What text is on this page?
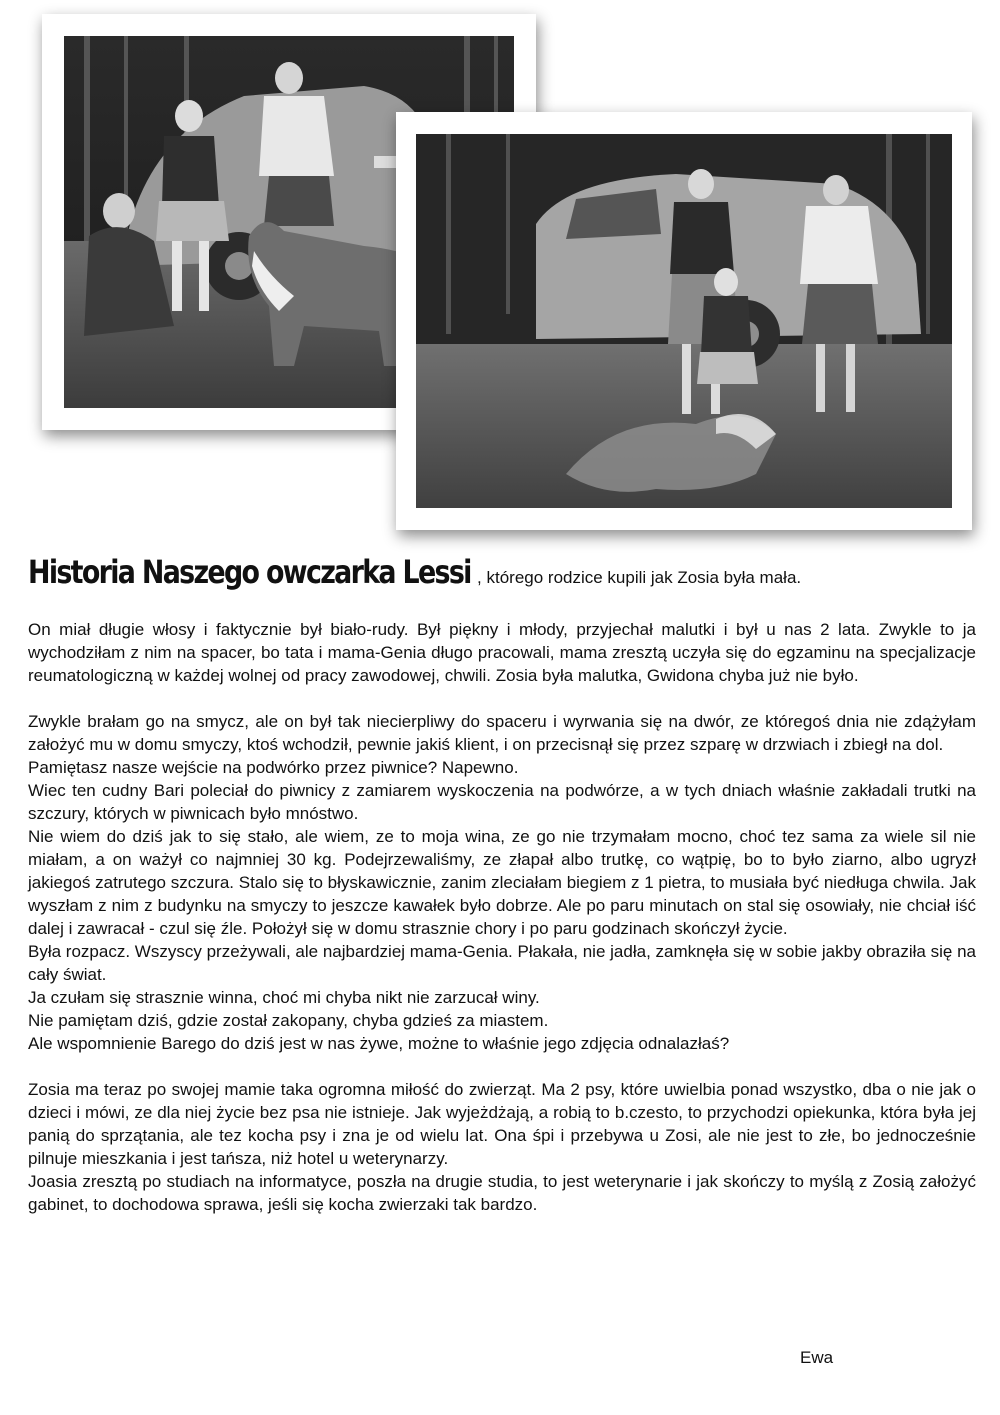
Historia Naszego owczarka Lessi , którego rodzice kupili jak Zosia była mała.

On miał długie włosy i faktycznie był biało-rudy. Był piękny i młody, przyjechał malutki i był u nas 2 lata. Zwykle to ja wychodziłam z nim na spacer, bo tata i mama-Genia długo pracowali, mama zresztą uczyła się do egzaminu na specjalizacje reumatologiczną w każdej wolnej od pracy zawodowej, chwili. Zosia była malutka, Gwidona chyba już nie było.

Zwykle brałam go na smycz, ale on był tak niecierpliwy do spaceru i wyrwania się na dwór, ze któregoś dnia nie zdążyłam założyć mu w domu smyczy, ktoś wchodził, pewnie jakiś klient, i on przecisnął się przez szparę w drzwiach i zbiegł na dol.

Pamiętasz nasze wejście na podwórko przez piwnice? Napewno.

Wiec ten cudny Bari poleciał do piwnicy z zamiarem wyskoczenia na podwórze, a w tych dniach właśnie zakładali trutki na szczury, których w piwnicach było mnóstwo.

Nie wiem do dziś jak to się stało, ale wiem, ze to moja wina, ze go nie trzymałam mocno, choć tez sama za wiele sil nie miałam, a on ważył co najmniej 30 kg. Podejrzewaliśmy, ze złapał albo trutkę, co wątpię, bo to było ziarno, albo ugryzł jakiegoś zatrutego szczura. Stalo się to błyskawicznie, zanim zleciałam biegiem z 1 pietra, to musiała być niedługa chwila. Jak wyszłam z nim z budynku na smyczy to jeszcze kawałek było dobrze. Ale po paru minutach on stal się osowiały, nie chciał iść dalej i zawracał - czul się źle. Położył się w domu strasznie chory i po paru godzinach skończył życie.

Była rozpacz. Wszyscy przeżywali, ale najbardziej mama-Genia. Płakała, nie jadła, zamknęła się w sobie jakby obraziła się na cały świat.

Ja czułam się strasznie winna, choć mi chyba nikt nie zarzucał winy.

Nie pamiętam dziś, gdzie został zakopany, chyba gdzieś za miastem.

Ale wspomnienie Barego do dziś jest w nas żywe, możne to właśnie jego zdjęcia odnalazłaś?

Zosia ma teraz po swojej mamie taka ogromna miłość do zwierząt. Ma 2 psy, które uwielbia ponad wszystko, dba o nie jak o dzieci i mówi, ze dla niej życie bez psa nie istnieje. Jak wyjeżdżają, a robią to b.czesto, to przychodzi opiekunka, która była jej panią do sprzątania, ale tez kocha psy i zna je od wielu lat. Ona śpi i przebywa u Zosi, ale nie jest to złe, bo jednocześnie pilnuje mieszkania i jest tańsza, niż hotel u weterynarzy.

Joasia zresztą po studiach na informatyce, poszła na drugie studia, to jest weterynarie i jak skończy to myślą z Zosią założyć gabinet, to dochodowa sprawa, jeśli się kocha zwierzaki tak bardzo.

Ewa
